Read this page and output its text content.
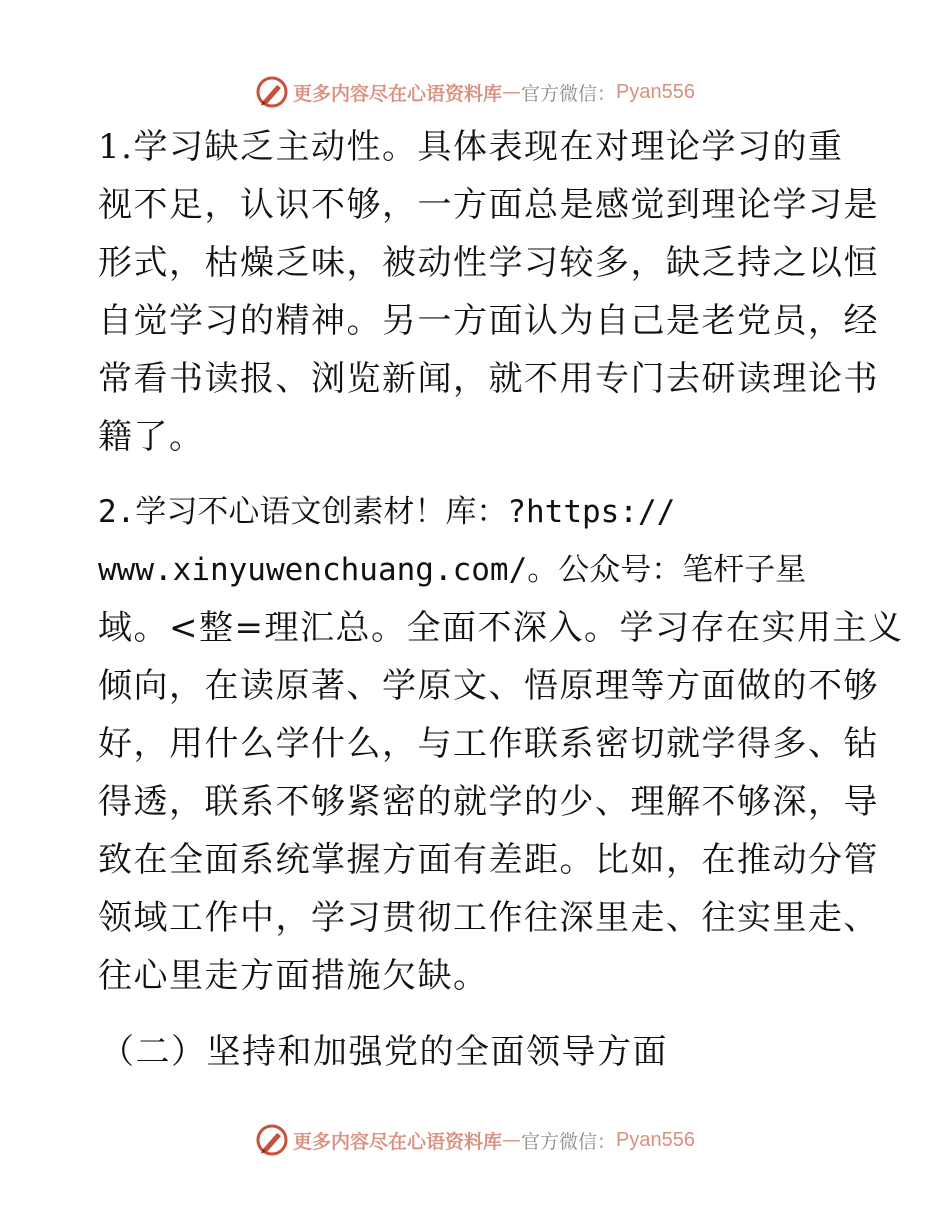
更多内容尽在心语资料库 — 官方微信： Pyan556

1.学习缺乏主动性。具体表现在对理论学习的重

视不足，认识不够，一方面总是感觉到理论学习是

形式，枯燥乏味，被动性学习较多，缺乏持之以恒

自觉学习的精神。另一方面认为自己是老党员，经

常看书读报、浏览新闻，就不用专门去研读理论书

籍了。

2.学习不心语文创素材！库：?https://

www.xinyuwenchuang.com/。公众号：笔杆子星

域。<整=理汇总。全面不深入。学习存在实用主义

倾向，在读原著、学原文、悟原理等方面做的不够

好，用什么学什么，与工作联系密切就学得多、钻

得透，联系不够紧密的就学的少、理解不够深，导

致在全面系统掌握方面有差距。比如，在推动分管

领域工作中，学习贯彻工作往深里走、往实里走、

往心里走方面措施欠缺。

（二）坚持和加强党的全面领导方面

更多内容尽在心语资料库 — 官方微信： Pyan556
